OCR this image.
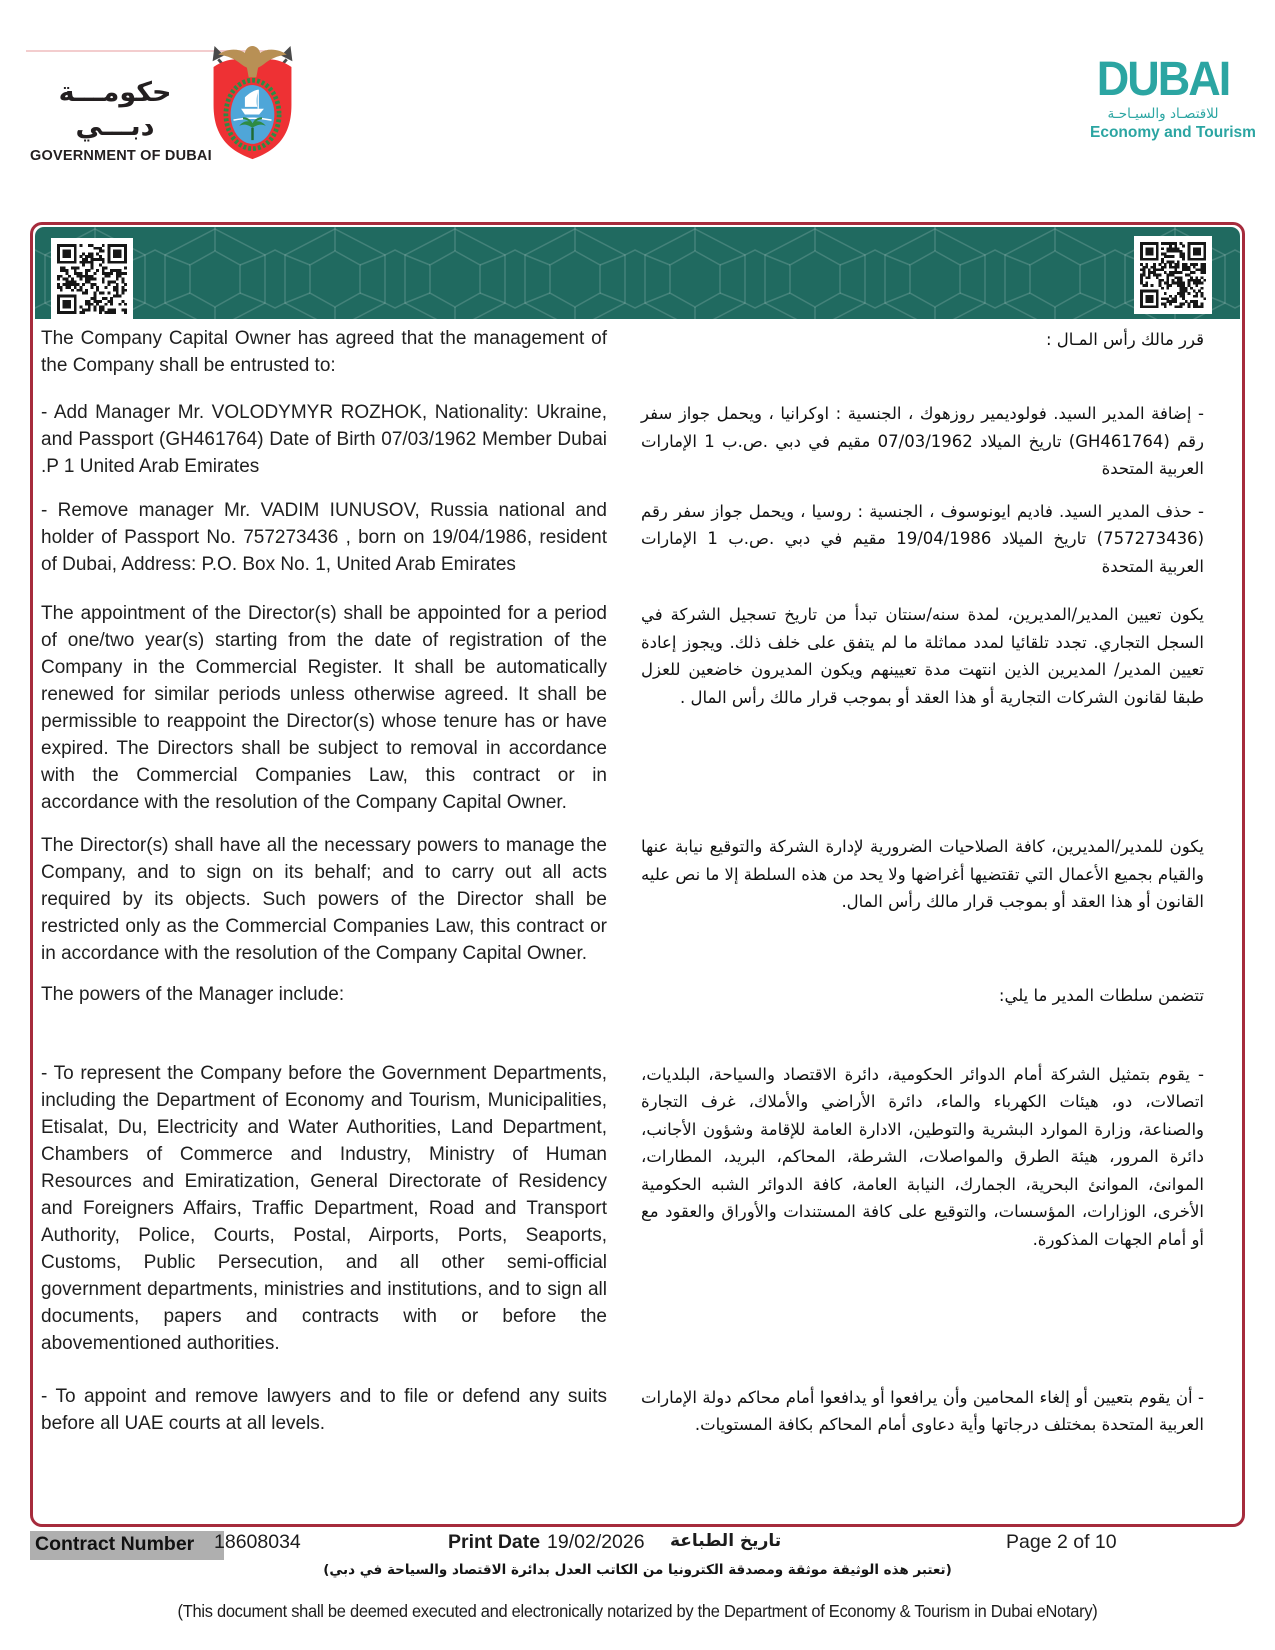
حكومـــة دبـــي
GOVERNMENT OF DUBAI
DUBAI
للاقتصـاد والسيـاحـة
Economy and Tourism
The Company Capital Owner has agreed that the management of the Company shall be entrusted to:
قرر مالك رأس المـال :
- Add Manager Mr. VOLODYMYR ROZHOK, Nationality: Ukraine, and Passport (GH461764) Date of Birth 07/03/1962 Member Dubai .P 1 United Arab Emirates
- إضافة المدير السيد. فولوديمير روزهوك ، الجنسية : اوكرانيا ، ويحمل جواز سفر رقم (GH461764) تاريخ الميلاد 07/03/1962 مقيم في دبي .ص.ب 1 الإمارات العربية المتحدة
- Remove manager Mr. VADIM IUNUSOV, Russia national and holder of Passport No. 757273436 , born on 19/04/1986, resident of Dubai, Address: P.O. Box No. 1, United Arab Emirates
- حذف المدير السيد. فاديم ايونوسوف ، الجنسية : روسيا ، ويحمل جواز سفر رقم (757273436) تاريخ الميلاد 19/04/1986 مقيم في دبي .ص.ب 1 الإمارات العربية المتحدة
The appointment of the Director(s) shall be appointed for a period of one/two year(s) starting from the date of registration of the Company in the Commercial Register. It shall be automatically renewed for similar periods unless otherwise agreed. It shall be permissible to reappoint the Director(s) whose tenure has or have expired. The Directors shall be subject to removal in accordance with the Commercial Companies Law, this contract or in accordance with the resolution of the Company Capital Owner.
يكون تعيين المدير/المديرين، لمدة سنه/سنتان تبدأ من تاريخ تسجيل الشركة في السجل التجاري. تجدد تلقائيا لمدد مماثلة ما لم يتفق على خلف ذلك. ويجوز إعادة تعيين المدير/ المديرين الذين انتهت مدة تعيينهم ويكون المديرون خاضعين للعزل طبقا لقانون الشركات التجارية أو هذا العقد أو بموجب قرار مالك رأس المال .
The Director(s) shall have all the necessary powers to manage the Company, and to sign on its behalf; and to carry out all acts required by its objects. Such powers of the Director shall be restricted only as the Commercial Companies Law, this contract or in accordance with the resolution of the Company Capital Owner.
يكون للمدير/المديرين، كافة الصلاحيات الضرورية لإدارة الشركة والتوقيع نيابة عنها والقيام بجميع الأعمال التي تقتضيها أغراضها ولا يحد من هذه السلطة إلا ما نص عليه القانون أو هذا العقد أو بموجب قرار مالك رأس المال.
The powers of the Manager include:	تتضمن سلطات المدير ما يلي:
- To represent the Company before the Government Departments, including the Department of Economy and Tourism, Municipalities, Etisalat, Du, Electricity and Water Authorities, Land Department, Chambers of Commerce and Industry, Ministry of Human Resources and Emiratization, General Directorate of Residency and Foreigners Affairs, Traffic Department, Road and Transport Authority, Police, Courts, Postal, Airports, Ports, Seaports, Customs, Public Persecution, and all other semi-official government departments, ministries and institutions, and to sign all documents, papers and contracts with or before the abovementioned authorities.
- يقوم بتمثيل الشركة أمام الدوائر الحكومية، دائرة الاقتصاد والسياحة، البلديات، اتصالات، دو، هيئات الكهرباء والماء، دائرة الأراضي والأملاك، غرف التجارة والصناعة، وزارة الموارد البشرية والتوطين، الادارة العامة للإقامة وشؤون الأجانب، دائرة المرور، هيئة الطرق والمواصلات، الشرطة، المحاكم، البريد، المطارات، الموانئ، الموانئ البحرية، الجمارك، النيابة العامة، كافة الدوائر الشبه الحكومية الأخرى، الوزارات، المؤسسات، والتوقيع على كافة المستندات والأوراق والعقود مع أو أمام الجهات المذكورة.
- To appoint and remove lawyers and to file or defend any suits before all UAE courts at all levels.
- أن يقوم بتعيين أو إلغاء المحامين وأن يرافعوا أو يدافعوا أمام محاكم دولة الإمارات العربية المتحدة بمختلف درجاتها وأية دعاوى أمام المحاكم بكافة المستويات.
Contract Number	18608034	Print Date 19/02/2026 تاريخ الطباعة	Page 2 of 10
(تعتبر هذه الوثيقة موثقة ومصدقة الكترونيا من الكاتب العدل بدائرة الاقتصاد والسياحة في دبي)
(This document shall be deemed executed and electronically notarized by the Department of Economy & Tourism in Dubai eNotary)
